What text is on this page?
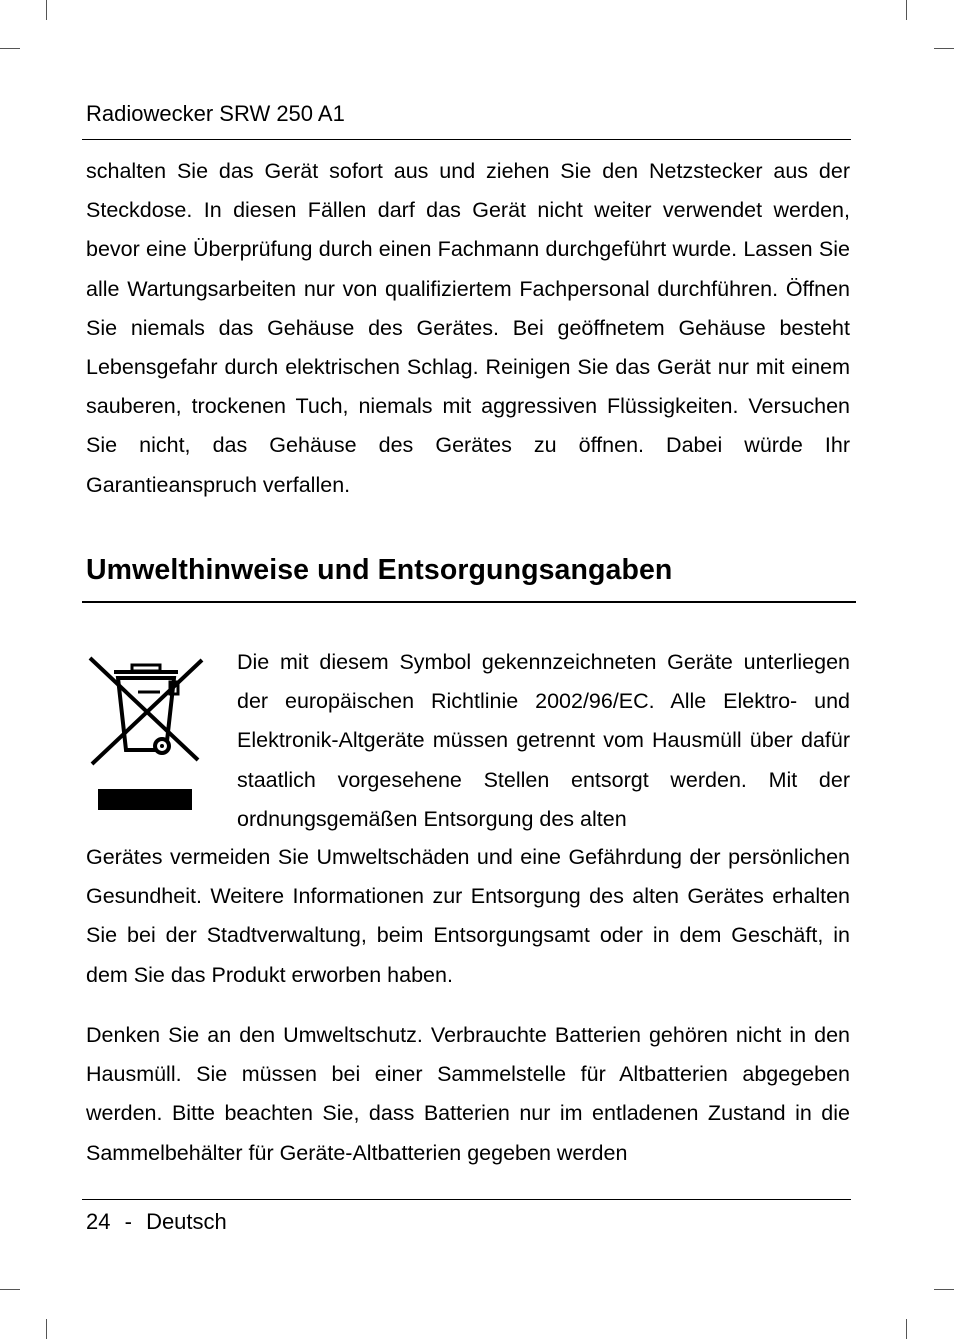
Radiowecker SRW 250 A1

schalten Sie das Gerät sofort aus und ziehen Sie den Netzstecker aus der Steckdose. In diesen Fällen darf das Gerät nicht weiter verwendet werden, bevor eine Überprüfung durch einen Fachmann durchgeführt wurde. Lassen Sie alle Wartungsarbeiten nur von qualifiziertem Fachpersonal durchführen. Öffnen Sie niemals das Gehäuse des Gerätes. Bei geöffnetem Gehäuse besteht Lebensgefahr durch elektrischen Schlag. Reinigen Sie das Gerät nur mit einem sauberen, trockenen Tuch, niemals mit aggressiven Flüssigkeiten. Versuchen Sie nicht, das Gehäuse des Gerätes zu öffnen. Dabei würde Ihr Garantieanspruch verfallen.

Umwelthinweise und Entsorgungsangaben

Die mit diesem Symbol gekennzeichneten Geräte unterliegen der europäischen Richtlinie 2002/96/EC. Alle Elektro- und Elektronik-Altgeräte müssen getrennt vom Hausmüll über dafür staatlich vorgesehene Stellen entsorgt werden. Mit der ordnungsgemäßen Entsorgung des alten

Gerätes vermeiden Sie Umweltschäden und eine Gefährdung der persönlichen Gesundheit. Weitere Informationen zur Entsorgung des alten Gerätes erhalten Sie bei der Stadtverwaltung, beim Entsorgungsamt oder in dem Geschäft, in dem Sie das Produkt erworben haben.

Denken Sie an den Umweltschutz. Verbrauchte Batterien gehören nicht in den Hausmüll. Sie müssen bei einer Sammelstelle für Altbatterien abgegeben werden. Bitte beachten Sie, dass Batterien nur im entladenen Zustand in die Sammelbehälter für Geräte-Altbatterien gegeben werden

24 - Deutsch
